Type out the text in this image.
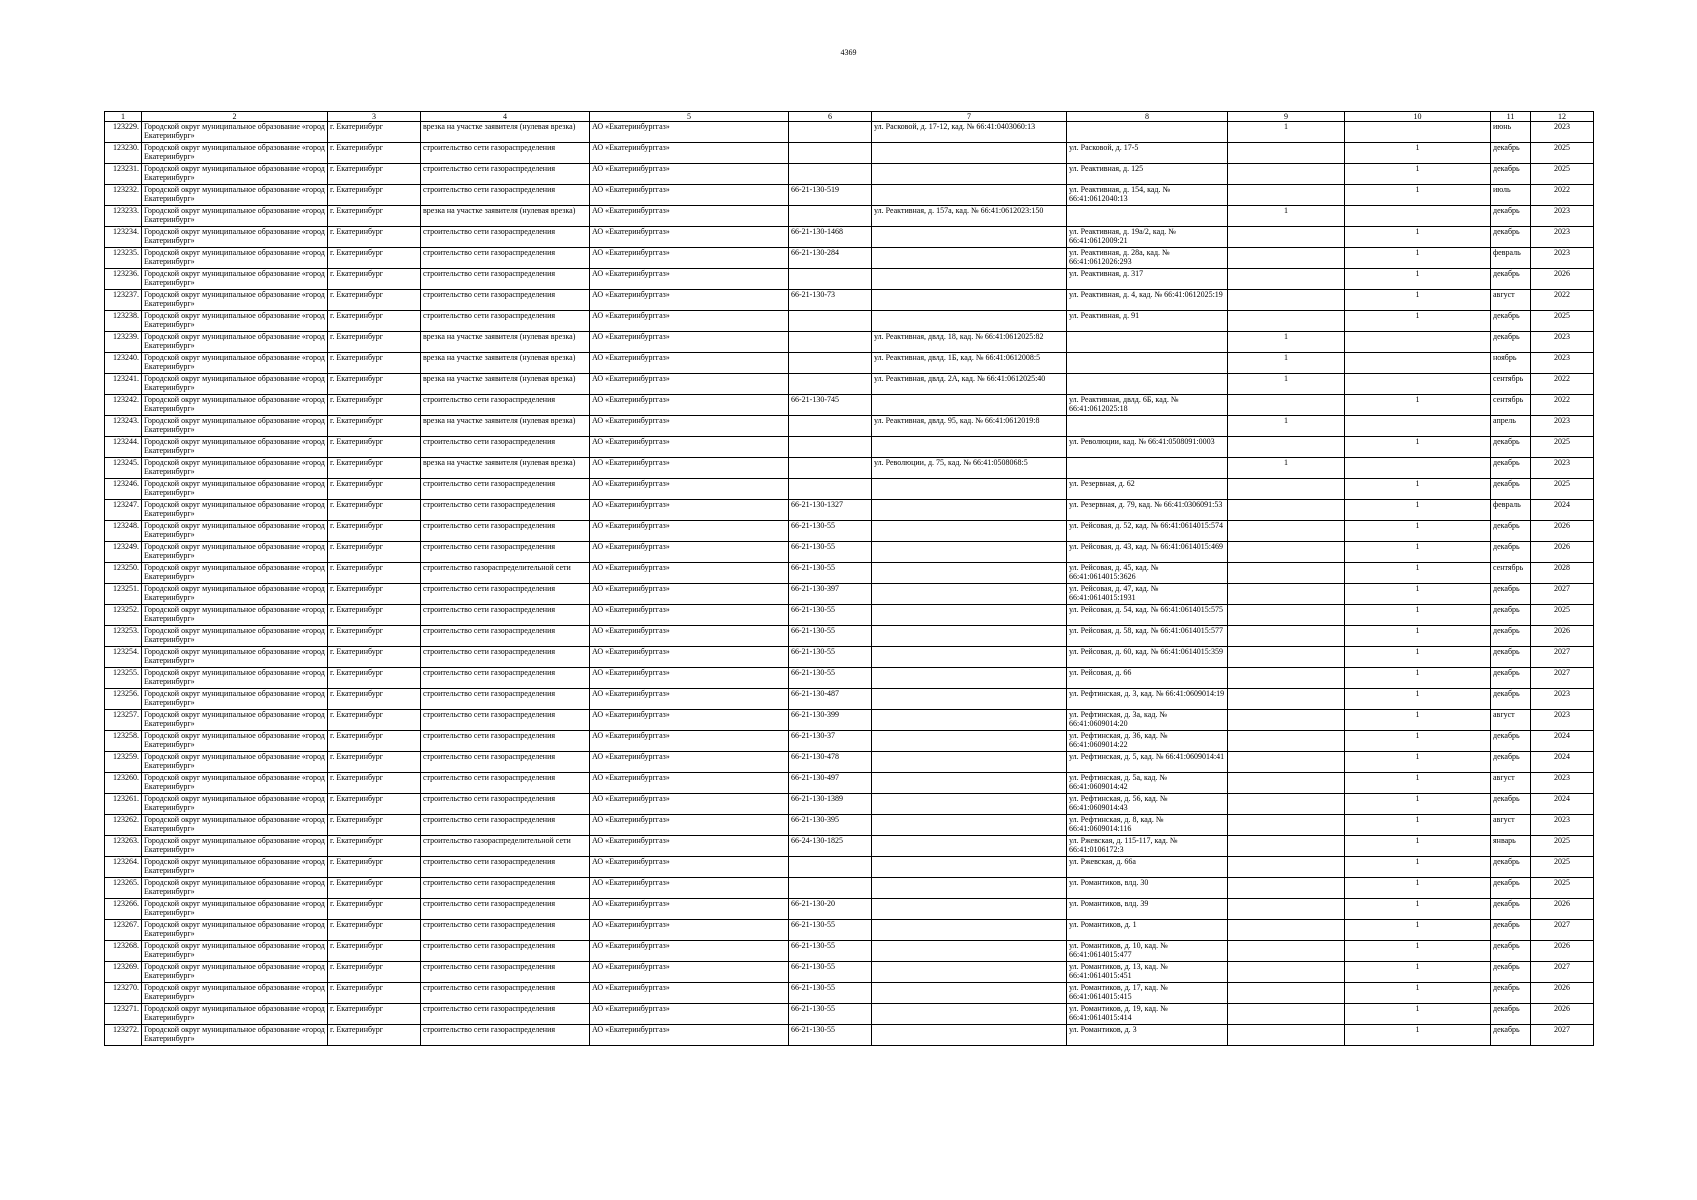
4369
1	2	3	4	5	6	7	8	9	10	11	12
123229.	Городской округ муниципальное образование «город Екатеринбург»	г. Екатеринбург	врезка на участке заявителя (нулевая врезка)	АО «Екатеринбурггаз»		ул. Расковой, д. 17-12, кад. № 66:41:0403060:13		1		июнь	2023
123230.	Городской округ муниципальное образование «город Екатеринбург»	г. Екатеринбург	строительство сети газораспределения	АО «Екатеринбурггаз»			ул. Расковой, д. 17-5		1	декабрь	2025
123231.	Городской округ муниципальное образование «город Екатеринбург»	г. Екатеринбург	строительство сети газораспределения	АО «Екатеринбурггаз»			ул. Реактивная, д. 125		1	декабрь	2025
123232.	Городской округ муниципальное образование «город Екатеринбург»	г. Екатеринбург	строительство сети газораспределения	АО «Екатеринбурггаз»	66-21-130-519		ул. Реактивная, д. 154, кад. № 66:41:0612040:13		1	июль	2022
123233.	Городской округ муниципальное образование «город Екатеринбург»	г. Екатеринбург	врезка на участке заявителя (нулевая врезка)	АО «Екатеринбурггаз»		ул. Реактивная, д. 157а, кад. № 66:41:0612023:150		1		декабрь	2023
123234.	Городской округ муниципальное образование «город Екатеринбург»	г. Екатеринбург	строительство сети газораспределения	АО «Екатеринбурггаз»	66-21-130-1468		ул. Реактивная, д. 19а/2, кад. № 66:41:0612009:21		1	декабрь	2023
123235.	Городской округ муниципальное образование «город Екатеринбург»	г. Екатеринбург	строительство сети газораспределения	АО «Екатеринбурггаз»	66-21-130-284		ул. Реактивная, д. 28а, кад. № 66:41:0612026:293		1	февраль	2023
123236.	Городской округ муниципальное образование «город Екатеринбург»	г. Екатеринбург	строительство сети газораспределения	АО «Екатеринбурггаз»			ул. Реактивная, д. 317		1	декабрь	2026
123237.	Городской округ муниципальное образование «город Екатеринбург»	г. Екатеринбург	строительство сети газораспределения	АО «Екатеринбурггаз»	66-21-130-73		ул. Реактивная, д. 4, кад. № 66:41:0612025:19		1	август	2022
123238.	Городской округ муниципальное образование «город Екатеринбург»	г. Екатеринбург	строительство сети газораспределения	АО «Екатеринбурггаз»			ул. Реактивная, д. 91		1	декабрь	2025
123239.	Городской округ муниципальное образование «город Екатеринбург»	г. Екатеринбург	врезка на участке заявителя (нулевая врезка)	АО «Екатеринбурггаз»		ул. Реактивная, двлд. 18, кад. № 66:41:0612025:82		1		декабрь	2023
123240.	Городской округ муниципальное образование «город Екатеринбург»	г. Екатеринбург	врезка на участке заявителя (нулевая врезка)	АО «Екатеринбурггаз»		ул. Реактивная, двлд. 1Б, кад. № 66:41:0612008:5		1		ноябрь	2023
123241.	Городской округ муниципальное образование «город Екатеринбург»	г. Екатеринбург	врезка на участке заявителя (нулевая врезка)	АО «Екатеринбурггаз»		ул. Реактивная, двлд. 2А, кад. № 66:41:0612025:40		1		сентябрь	2022
123242.	Городской округ муниципальное образование «город Екатеринбург»	г. Екатеринбург	строительство сети газораспределения	АО «Екатеринбурггаз»	66-21-130-745		ул. Реактивная, двлд. 6Б, кад. № 66:41:0612025:18		1	сентябрь	2022
123243.	Городской округ муниципальное образование «город Екатеринбург»	г. Екатеринбург	врезка на участке заявителя (нулевая врезка)	АО «Екатеринбурггаз»		ул. Реактивная, двлд. 95, кад. № 66:41:0612019:8		1		апрель	2023
123244.	Городской округ муниципальное образование «город Екатеринбург»	г. Екатеринбург	строительство сети газораспределения	АО «Екатеринбурггаз»			ул. Революции, кад. № 66:41:0508091:0003		1	декабрь	2025
123245.	Городской округ муниципальное образование «город Екатеринбург»	г. Екатеринбург	врезка на участке заявителя (нулевая врезка)	АО «Екатеринбурггаз»		ул. Революции, д. 75, кад. № 66:41:0508068:5		1		декабрь	2023
123246.	Городской округ муниципальное образование «город Екатеринбург»	г. Екатеринбург	строительство сети газораспределения	АО «Екатеринбурггаз»			ул. Резервная, д. 62		1	декабрь	2025
123247.	Городской округ муниципальное образование «город Екатеринбург»	г. Екатеринбург	строительство сети газораспределения	АО «Екатеринбурггаз»	66-21-130-1327		ул. Резервная, д. 79, кад. № 66:41:0306091:53		1	февраль	2024
123248.	Городской округ муниципальное образование «город Екатеринбург»	г. Екатеринбург	строительство сети газораспределения	АО «Екатеринбурггаз»	66-21-130-55		ул. Рейсовая, д. 52, кад. № 66:41:0614015:574		1	декабрь	2026
123249.	Городской округ муниципальное образование «город Екатеринбург»	г. Екатеринбург	строительство сети газораспределения	АО «Екатеринбурггаз»	66-21-130-55		ул. Рейсовая, д. 43, кад. № 66:41:0614015:469		1	декабрь	2026
123250.	Городской округ муниципальное образование «город Екатеринбург»	г. Екатеринбург	строительство газораспределительной сети	АО «Екатеринбурггаз»	66-21-130-55		ул. Рейсовая, д. 45, кад. № 66:41:0614015:3626		1	сентябрь	2028
123251.	Городской округ муниципальное образование «город Екатеринбург»	г. Екатеринбург	строительство сети газораспределения	АО «Екатеринбурггаз»	66-21-130-397		ул. Рейсовая, д. 47, кад. № 66:41:0614015:1931		1	декабрь	2027
123252.	Городской округ муниципальное образование «город Екатеринбург»	г. Екатеринбург	строительство сети газораспределения	АО «Екатеринбурггаз»	66-21-130-55		ул. Рейсовая, д. 54, кад. № 66:41:0614015:575		1	декабрь	2025
123253.	Городской округ муниципальное образование «город Екатеринбург»	г. Екатеринбург	строительство сети газораспределения	АО «Екатеринбурггаз»	66-21-130-55		ул. Рейсовая, д. 58, кад. № 66:41:0614015:577		1	декабрь	2026
123254.	Городской округ муниципальное образование «город Екатеринбург»	г. Екатеринбург	строительство сети газораспределения	АО «Екатеринбурггаз»	66-21-130-55		ул. Рейсовая, д. 60, кад. № 66:41:0614015:359		1	декабрь	2027
123255.	Городской округ муниципальное образование «город Екатеринбург»	г. Екатеринбург	строительство сети газораспределения	АО «Екатеринбурггаз»	66-21-130-55		ул. Рейсовая, д. 66		1	декабрь	2027
123256.	Городской округ муниципальное образование «город Екатеринбург»	г. Екатеринбург	строительство сети газораспределения	АО «Екатеринбурггаз»	66-21-130-487		ул. Рефтинская, д. 3, кад. № 66:41:0609014:19		1	декабрь	2023
123257.	Городской округ муниципальное образование «город Екатеринбург»	г. Екатеринбург	строительство сети газораспределения	АО «Екатеринбурггаз»	66-21-130-399		ул. Рефтинская, д. 3а, кад. № 66:41:0609014:20		1	август	2023
123258.	Городской округ муниципальное образование «город Екатеринбург»	г. Екатеринбург	строительство сети газораспределения	АО «Екатеринбурггаз»	66-21-130-37		ул. Рефтинская, д. 36, кад. № 66:41:0609014:22		1	декабрь	2024
123259.	Городской округ муниципальное образование «город Екатеринбург»	г. Екатеринбург	строительство сети газораспределения	АО «Екатеринбурггаз»	66-21-130-478		ул. Рефтинская, д. 5, кад. № 66:41:0609014:41		1	декабрь	2024
123260.	Городской округ муниципальное образование «город Екатеринбург»	г. Екатеринбург	строительство сети газораспределения	АО «Екатеринбурггаз»	66-21-130-497		ул. Рефтинская, д. 5а, кад. № 66:41:0609014:42		1	август	2023
123261.	Городской округ муниципальное образование «город Екатеринбург»	г. Екатеринбург	строительство сети газораспределения	АО «Екатеринбурггаз»	66-21-130-1389		ул. Рефтинская, д. 56, кад. № 66:41:0609014:43		1	декабрь	2024
123262.	Городской округ муниципальное образование «город Екатеринбург»	г. Екатеринбург	строительство сети газораспределения	АО «Екатеринбурггаз»	66-21-130-395		ул. Рефтинская, д. 8, кад. № 66:41:0609014:116		1	август	2023
123263.	Городской округ муниципальное образование «город Екатеринбург»	г. Екатеринбург	строительство газораспределительной сети	АО «Екатеринбурггаз»	66-24-130-1825		ул. Ржевская, д. 115-117, кад. № 66:41:0106172:3		1	январь	2025
123264.	Городской округ муниципальное образование «город Екатеринбург»	г. Екатеринбург	строительство сети газораспределения	АО «Екатеринбурггаз»			ул. Ржевская, д. 66а		1	декабрь	2025
123265.	Городской округ муниципальное образование «город Екатеринбург»	г. Екатеринбург	строительство сети газораспределения	АО «Екатеринбурггаз»			ул. Романтиков, влд. 30		1	декабрь	2025
123266.	Городской округ муниципальное образование «город Екатеринбург»	г. Екатеринбург	строительство сети газораспределения	АО «Екатеринбурггаз»	66-21-130-20		ул. Романтиков, влд. 39		1	декабрь	2026
123267.	Городской округ муниципальное образование «город Екатеринбург»	г. Екатеринбург	строительство сети газораспределения	АО «Екатеринбурггаз»	66-21-130-55		ул. Романтиков, д. 1		1	декабрь	2027
123268.	Городской округ муниципальное образование «город Екатеринбург»	г. Екатеринбург	строительство сети газораспределения	АО «Екатеринбурггаз»	66-21-130-55		ул. Романтиков, д. 10, кад. № 66:41:0614015:477		1	декабрь	2026
123269.	Городской округ муниципальное образование «город Екатеринбург»	г. Екатеринбург	строительство сети газораспределения	АО «Екатеринбурггаз»	66-21-130-55		ул. Романтиков, д. 13, кад. № 66:41:0614015:451		1	декабрь	2027
123270.	Городской округ муниципальное образование «город Екатеринбург»	г. Екатеринбург	строительство сети газораспределения	АО «Екатеринбурггаз»	66-21-130-55		ул. Романтиков, д. 17, кад. № 66:41:0614015:415		1	декабрь	2026
123271.	Городской округ муниципальное образование «город Екатеринбург»	г. Екатеринбург	строительство сети газораспределения	АО «Екатеринбурггаз»	66-21-130-55		ул. Романтиков, д. 19, кад. № 66:41:0614015:414		1	декабрь	2026
123272.	Городской округ муниципальное образование «город Екатеринбург»	г. Екатеринбург	строительство сети газораспределения	АО «Екатеринбурггаз»	66-21-130-55		ул. Романтиков, д. 3		1	декабрь	2027
